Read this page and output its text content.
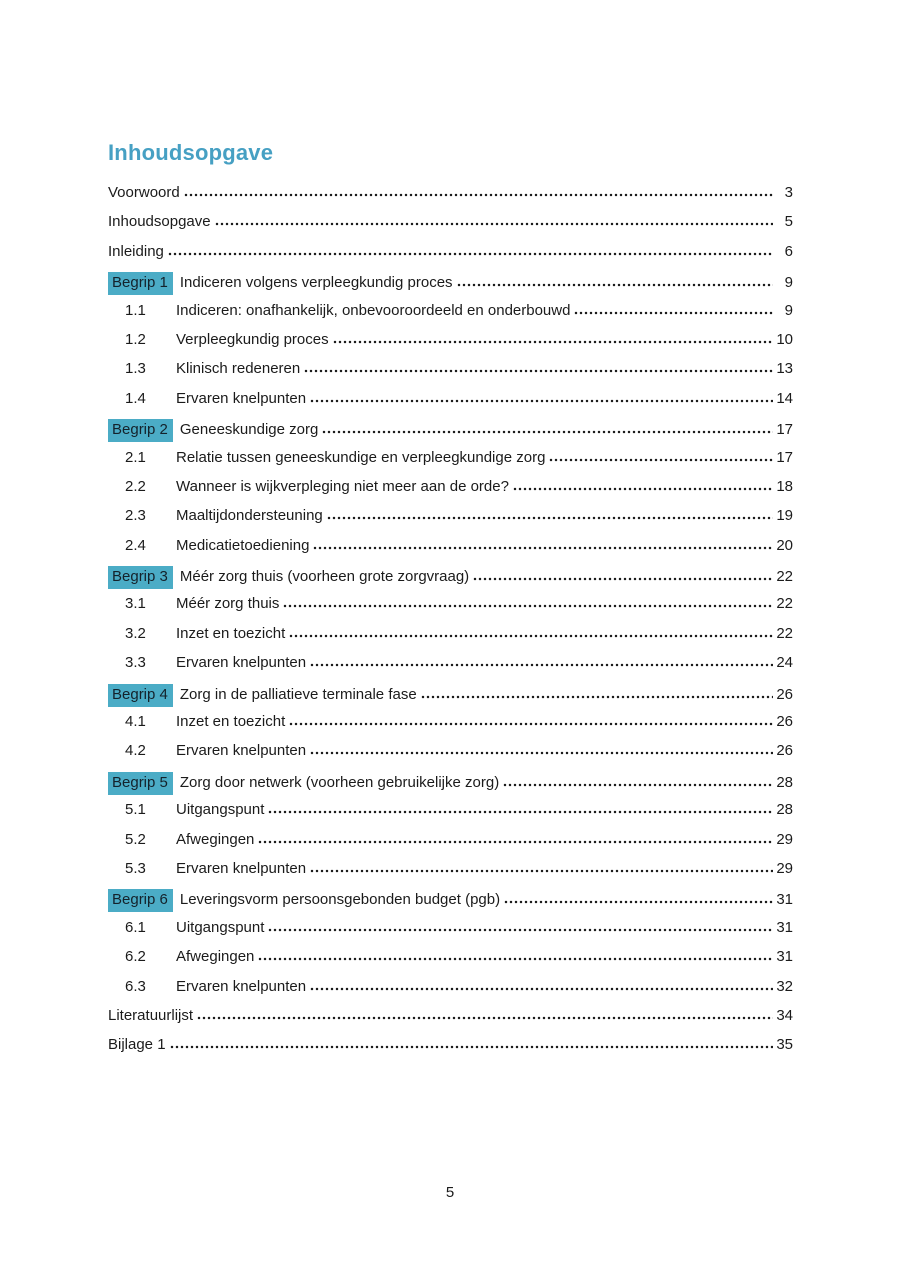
Inhoudsopgave
Voorwoord	3
Inhoudsopgave	5
Inleiding	6
Begrip 1 Indiceren volgens verpleegkundig proces	9
1.1	Indiceren: onafhankelijk, onbevooroordeeld en onderbouwd	9
1.2	Verpleegkundig proces	10
1.3	Klinisch redeneren	13
1.4	Ervaren knelpunten	14
Begrip 2 Geneeskundige zorg	17
2.1	Relatie tussen geneeskundige en verpleegkundige zorg	17
2.2	Wanneer is wijkverpleging niet meer aan de orde?	18
2.3	Maaltijdondersteuning	19
2.4	Medicatietoediening	20
Begrip 3 Méér zorg thuis (voorheen grote zorgvraag)	22
3.1	Méér zorg thuis	22
3.2	Inzet en toezicht	22
3.3	Ervaren knelpunten	24
Begrip 4 Zorg in de palliatieve terminale fase	26
4.1	Inzet en toezicht	26
4.2	Ervaren knelpunten	26
Begrip 5 Zorg door netwerk (voorheen gebruikelijke zorg)	28
5.1	Uitgangspunt	28
5.2	Afwegingen	29
5.3	Ervaren knelpunten	29
Begrip 6 Leveringsvorm persoonsgebonden budget (pgb)	31
6.1	Uitgangspunt	31
6.2	Afwegingen	31
6.3	Ervaren knelpunten	32
Literatuurlijst	34
Bijlage 1	35
5
